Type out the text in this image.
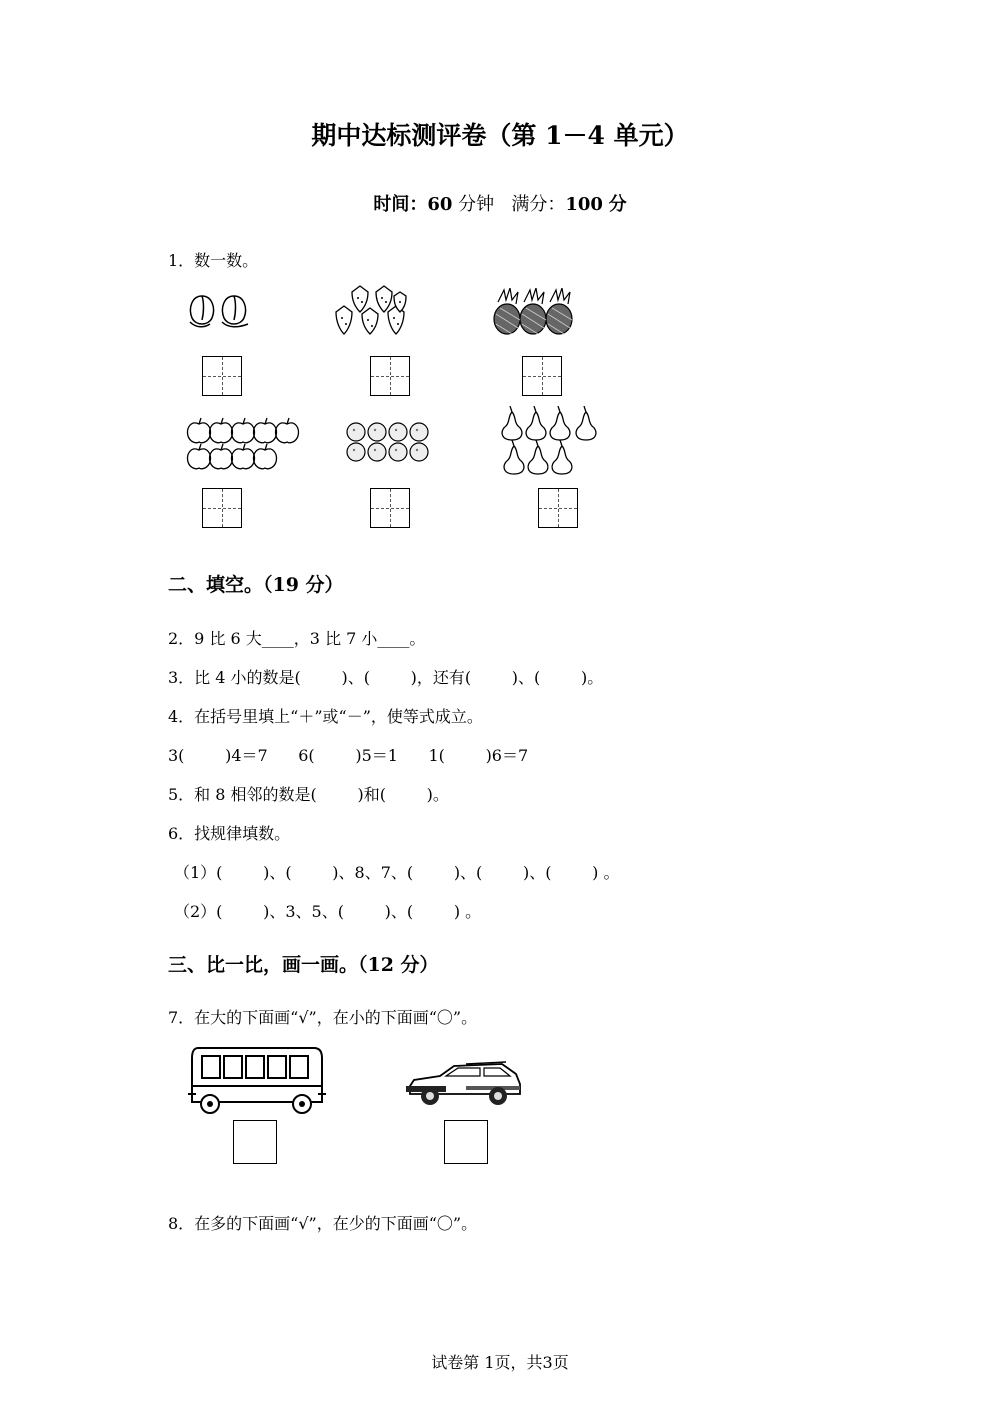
期中达标测评卷（第 1－4 单元）
时间：60 分钟 满分：100 分
1．数一数。
二、填空。（19 分）
2．9 比 6 大____，3 比 7 小____。
3．比 4 小的数是(        )、(        )，还有(        )、(        )。
4．在括号里填上“＋”或“－”，使等式成立。
3(        )4＝7      6(        )5＝1      1(        )6＝7
5．和 8 相邻的数是(        )和(        )。
6．找规律填数。
（1）(        )、(        )、8、7、(        )、(        )、(        ) 。
（2）(        )、3、5、(        )、(        ) 。
三、比一比，画一画。（12 分）
7．在大的下面画“√”，在小的下面画“〇”。
8．在多的下面画“√”，在少的下面画“〇”。
试卷第 1页，共3页
